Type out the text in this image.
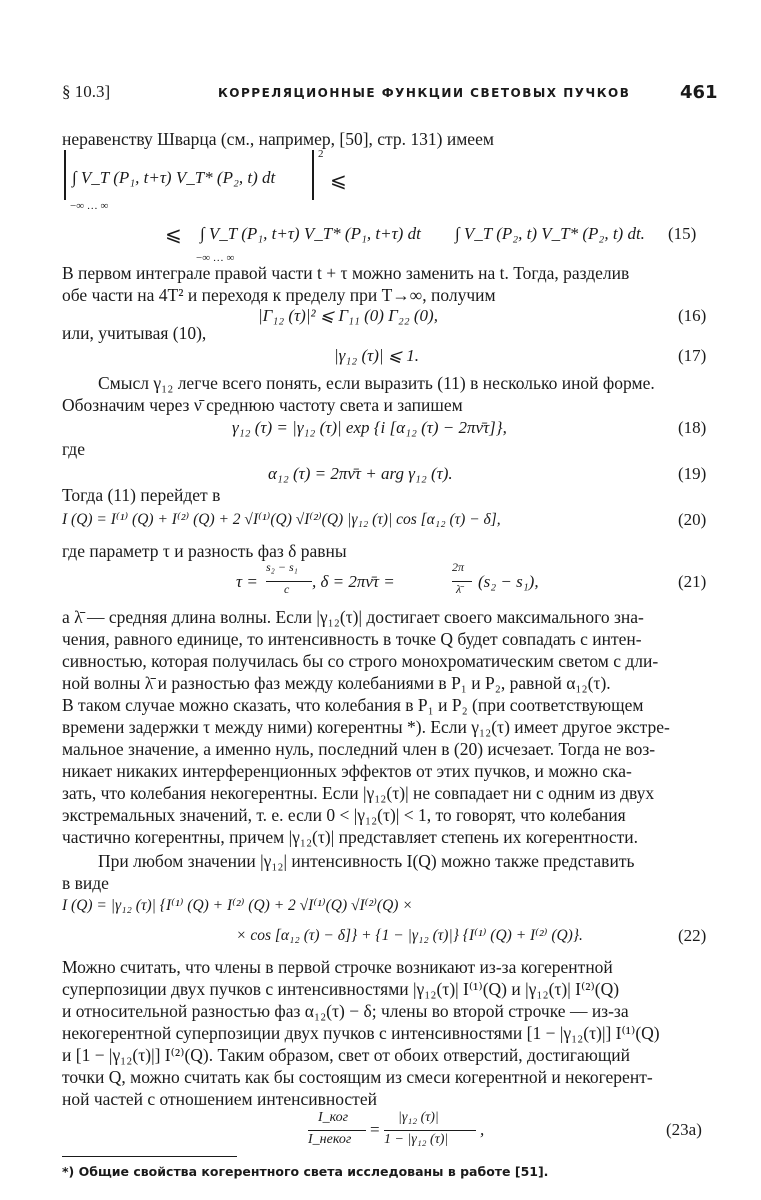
§ 10.3]	КОРРЕЛЯЦИОННЫЕ ФУНКЦИИ СВЕТОВЫХ ПУЧКОВ	461
неравенству Шварца (см., например, [50], стр. 131) имеем
−∞ … ∞
∫ V_T (P₁, t+τ) V_T* (P₂, t) dt
2
⩽
⩽ ∫ V_T (P₁, t+τ) V_T* (P₁, t+τ) dt ∫ V_T (P₂, t) V_T* (P₂, t) dt.
−∞ … ∞
(15)
В первом интеграле правой части t + τ можно заменить на t. Тогда, разделив
обе части на 4T² и переходя к пределу при T→∞, получим
|Γ₁₂ (τ)|² ⩽ Γ₁₁ (0) Γ₂₂ (0),	(16)
или, учитывая (10),
|γ₁₂ (τ)| ⩽ 1.	(17)
Смысл γ₁₂ легче всего понять, если выразить (11) в несколько иной форме.
Обозначим через ν̄ среднюю частоту света и запишем
γ₁₂ (τ) = |γ₁₂ (τ)| exp {i [α₁₂ (τ) − 2πν̄τ]},	(18)
где
α₁₂ (τ) = 2πν̄τ + arg γ₁₂ (τ).	(19)
Тогда (11) перейдет в
I (Q) = I⁽¹⁾ (Q) + I⁽²⁾ (Q) + 2 √I⁽¹⁾(Q) √I⁽²⁾(Q) |γ₁₂ (τ)| cos [α₁₂ (τ) − δ],	(20)
где параметр τ и разность фаз δ равны
τ =
s₂ − s₁
c , δ = 2πν̄τ =
2π
λ̄ (s₂ − s₁),	(21)
а λ̄ — средняя длина волны. Если |γ₁₂(τ)| достигает своего максимального зна-
чения, равного единице, то интенсивность в точке Q будет совпадать с интен-
сивностью, которая получилась бы со строго монохроматическим светом с дли-
ной волны λ̄ и разностью фаз между колебаниями в P₁ и P₂, равной α₁₂(τ).
В таком случае можно сказать, что колебания в P₁ и P₂ (при соответствующем
времени задержки τ между ними) когерентны *). Если γ₁₂(τ) имеет другое экстре-
мальное значение, а именно нуль, последний член в (20) исчезает. Тогда не воз-
никает никаких интерференционных эффектов от этих пучков, и можно ска-
зать, что колебания некогерентны. Если |γ₁₂(τ)| не совпадает ни с одним из двух
экстремальных значений, т. е. если 0 < |γ₁₂(τ)| < 1, то говорят, что колебания
частично когерентны, причем |γ₁₂(τ)| представляет степень их когерентности.
При любом значении |γ₁₂| интенсивность I(Q) можно также представить
в виде
I (Q) = |γ₁₂ (τ)| {I⁽¹⁾ (Q) + I⁽²⁾ (Q) + 2 √I⁽¹⁾(Q) √I⁽²⁾(Q) ×
× cos [α₁₂ (τ) − δ]} + {1 − |γ₁₂ (τ)|} {I⁽¹⁾ (Q) + I⁽²⁾ (Q)}.	(22)
Можно считать, что члены в первой строчке возникают из-за когерентной
суперпозиции двух пучков с интенсивностями |γ₁₂(τ)| I⁽¹⁾(Q) и |γ₁₂(τ)| I⁽²⁾(Q)
и относительной разностью фаз α₁₂(τ) − δ; члены во второй строчке — из-за
некогерентной суперпозиции двух пучков с интенсивностями [1 − |γ₁₂(τ)|] I⁽¹⁾(Q)
и [1 − |γ₁₂(τ)|] I⁽²⁾(Q). Таким образом, свет от обоих отверстий, достигающий
точки Q, можно считать как бы состоящим из смеси когерентной и некогерент-
ной частей с отношением интенсивностей
I_ког
I_неког
=
|γ₁₂ (τ)|
1 − |γ₁₂ (τ)|
,	(23a)
*) Общие свойства когерентного света исследованы в работе [51].
